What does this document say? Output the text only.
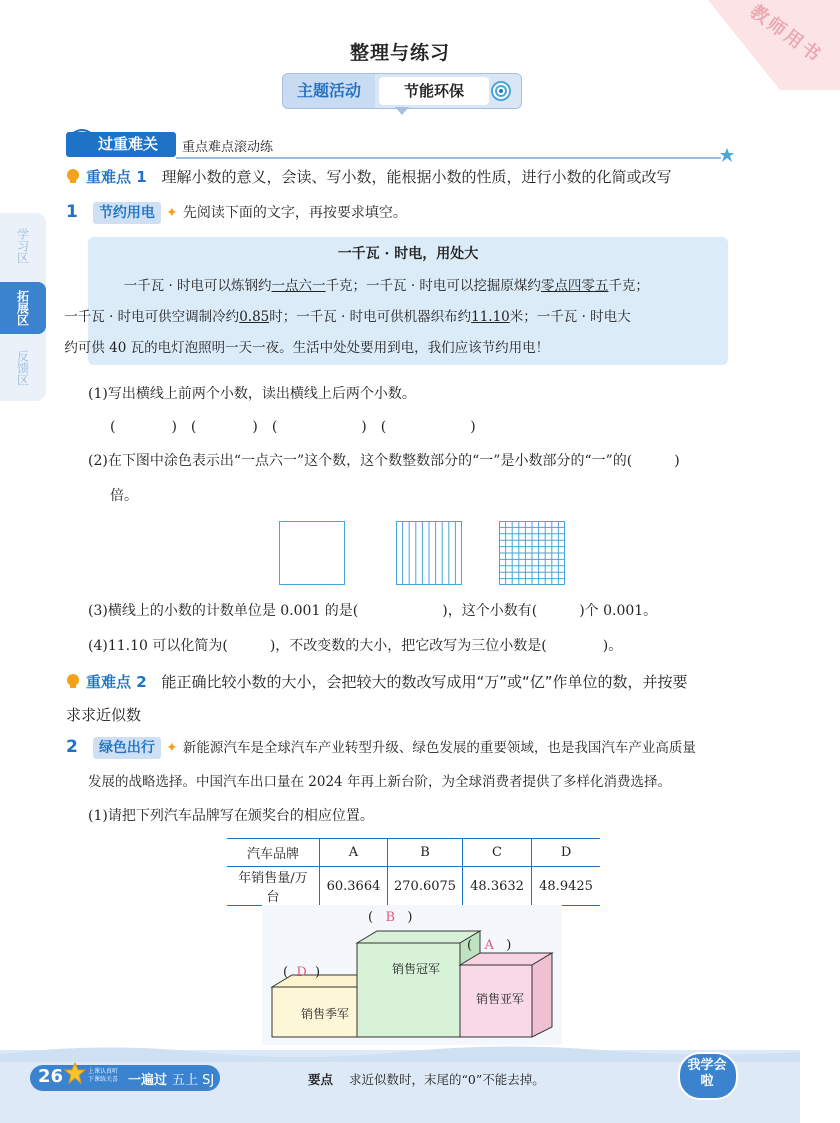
教师用书
整理与练习
主题活动	节能环保
过重难关	重点难点滚动练
学习区
拓展区
反馈区
重难点 1 理解小数的意义，会读、写小数，能根据小数的性质，进行小数的化简或改写
1 节约用电 ✦ 先阅读下面的文字，再按要求填空。
一千瓦 · 时电，用处大
一千瓦 · 时电可以炼钢约一点六一千克；一千瓦 · 时电可以挖掘原煤约零点四零五千克；
一千瓦 · 时电可供空调制冷约0.85时；一千瓦 · 时电可供机器织布约11.10米；一千瓦 · 时电大
约可供 40 瓦的电灯泡照明一天一夜。生活中处处要用到电，我们应该节约用电！
(1)写出横线上前两个小数，读出横线上后两个小数。
(　　　　)　(　　　　)　(　　　　　　)　(　　　　　　)
(2)在下图中涂色表示出“一点六一”这个数，这个数整数部分的“一”是小数部分的“一”的(　　　)
倍。
(3)横线上的小数的计数单位是 0.001 的是(　　　　　　)，这个小数有(　　　)个 0.001。
(4)11.10 可以化简为(　　　)，不改变数的大小，把它改写为三位小数是(　　　　)。
重难点 2 能正确比较小数的大小，会把较大的数改写成用“万”或“亿”作单位的数，并按要
求求近似数
2 绿色出行 ✦ 新能源汽车是全球汽车产业转型升级、绿色发展的重要领域，也是我国汽车产业高质量
发展的战略选择。中国汽车出口量在 2024 年再上新台阶，为全球消费者提供了多样化消费选择。
(1)请把下列汽车品牌写在颁奖台的相应位置。
汽车品牌	A	B	C	D
年销售量/万台	60.3664	270.6075	48.3632	48.9425
销售季军
销售冠军
销售亚军
(  D  )
(   B   )
(   A   )
26	上课认真听
下课练关喜 一遍过 五上 SJ	要点 求近似数时，末尾的“0”不能去掉。
我学会啦
